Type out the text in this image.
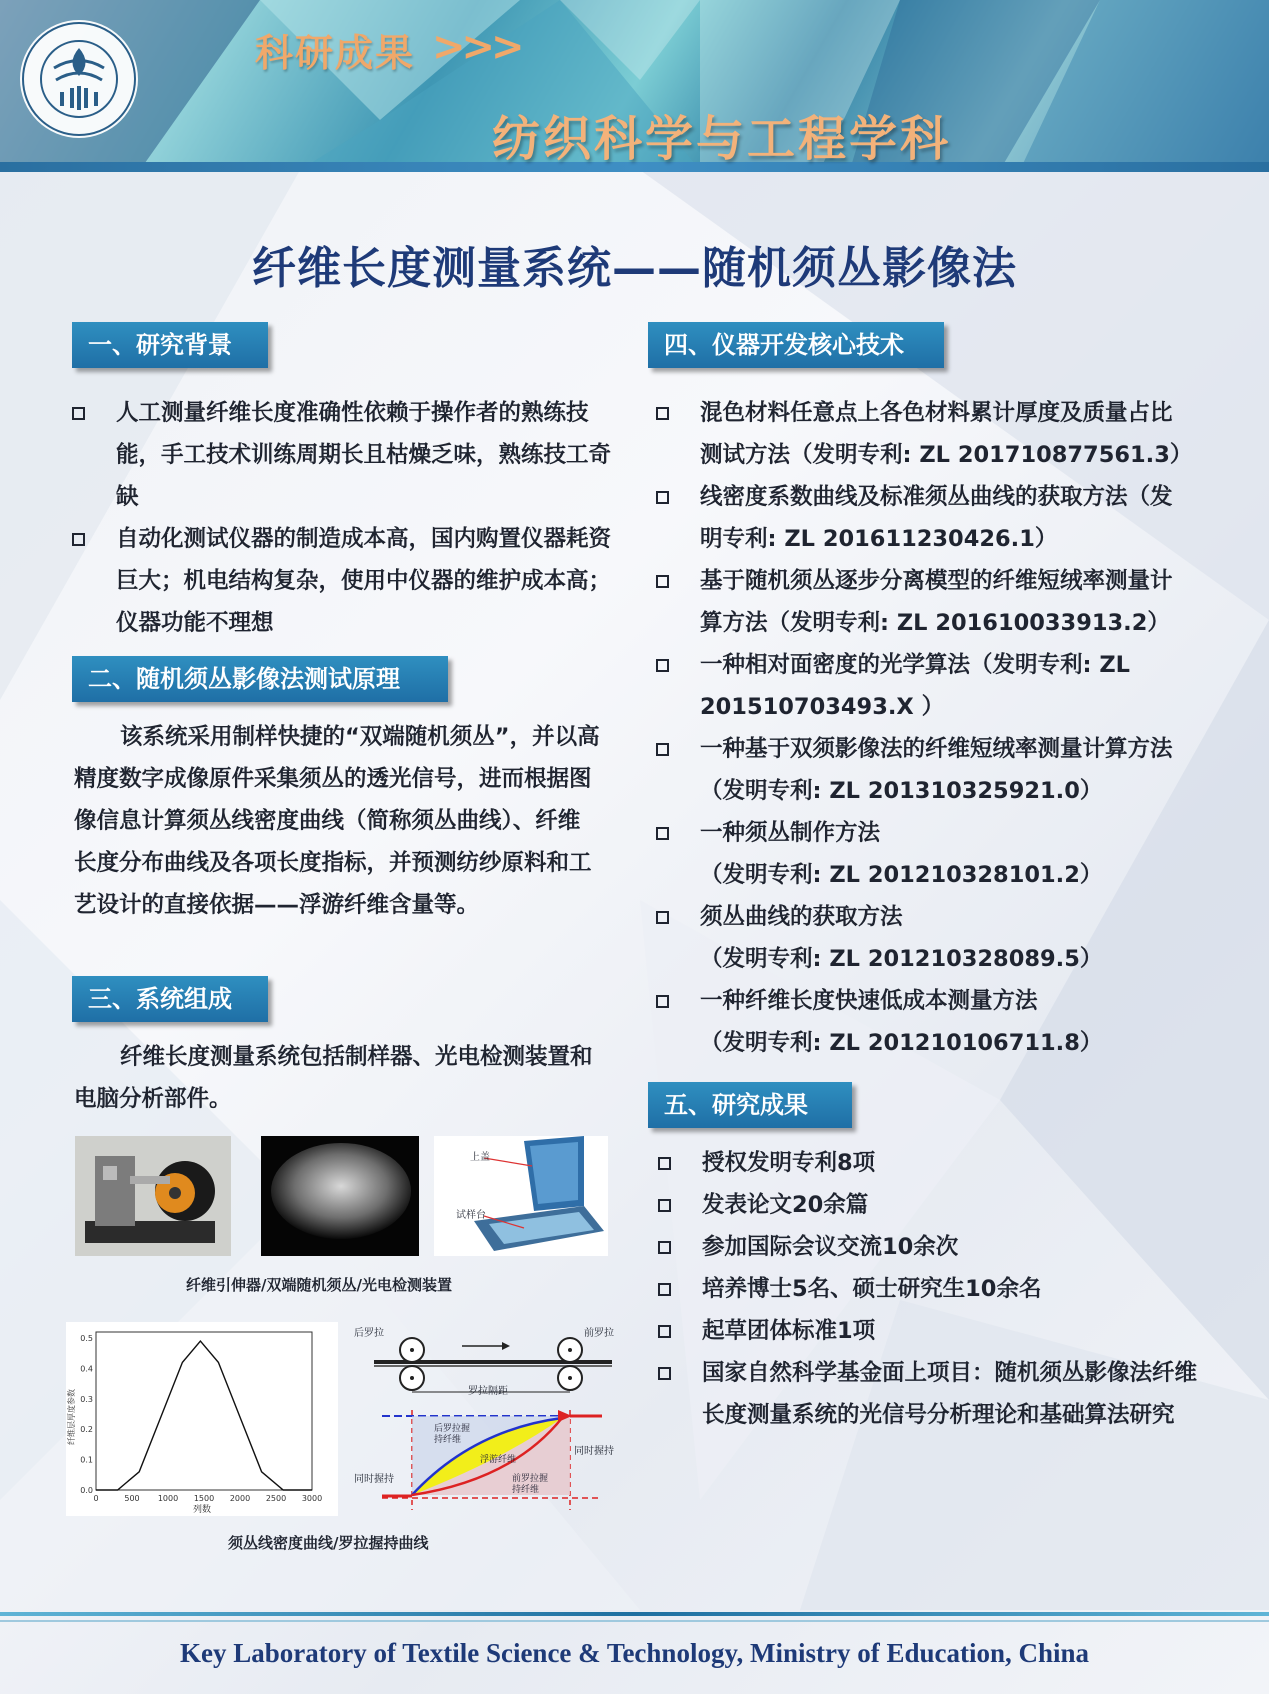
科研成果 >>>
纺织科学与工程学科
纤维长度测量系统——随机须丛影像法
一、研究背景
人工测量纤维长度准确性依赖于操作者的熟练技能，手工技术训练周期长且枯燥乏味，熟练技工奇缺
自动化测试仪器的制造成本高，国内购置仪器耗资巨大；机电结构复杂，使用中仪器的维护成本高；仪器功能不理想
二、随机须丛影像法测试原理

该系统采用制样快捷的“双端随机须丛”，并以高精度数字成像原件采集须丛的透光信号，进而根据图像信息计算须丛线密度曲线（简称须丛曲线）、纤维长度分布曲线及各项长度指标，并预测纺纱原料和工艺设计的直接依据——浮游纤维含量等。

三、系统组成

纤维长度测量系统包括制样器、光电检测装置和电脑分析部件。

上盖
试样台
纤维引伸器/双端随机须丛/光电检测装置
0	500 1000 1500 2000 2500 3000
0.0
0.1
0.2
0.3
0.4
0.5
列数
纤维层厚度参数
后罗拉	前罗拉
罗拉隔距
后罗拉握持纤维
浮游纤维
前罗拉握持纤维
同时握持
同时握持
须丛线密度曲线/罗拉握持曲线
四、仪器开发核心技术
混色材料任意点上各色材料累计厚度及质量占比
测试方法（发明专利: ZL 201710877561.3）
线密度系数曲线及标准须丛曲线的获取方法（发
明专利: ZL 201611230426.1）
基于随机须丛逐步分离模型的纤维短绒率测量计
算方法（发明专利: ZL 201610033913.2）
一种相对面密度的光学算法（发明专利: ZL
201510703493.X ）
一种基于双须影像法的纤维短绒率测量计算方法
（发明专利: ZL 201310325921.0）
一种须丛制作方法
（发明专利: ZL 201210328101.2）
须丛曲线的获取方法
（发明专利: ZL 201210328089.5）
一种纤维长度快速低成本测量方法
（发明专利: ZL 201210106711.8）
五、研究成果
授权发明专利8项
发表论文20余篇
参加国际会议交流10余次
培养博士5名、硕士研究生10余名
起草团体标准1项
国家自然科学基金面上项目：随机须丛影像法纤维
长度测量系统的光信号分析理论和基础算法研究
Key Laboratory of Textile Science & Technology, Ministry of Education, China
